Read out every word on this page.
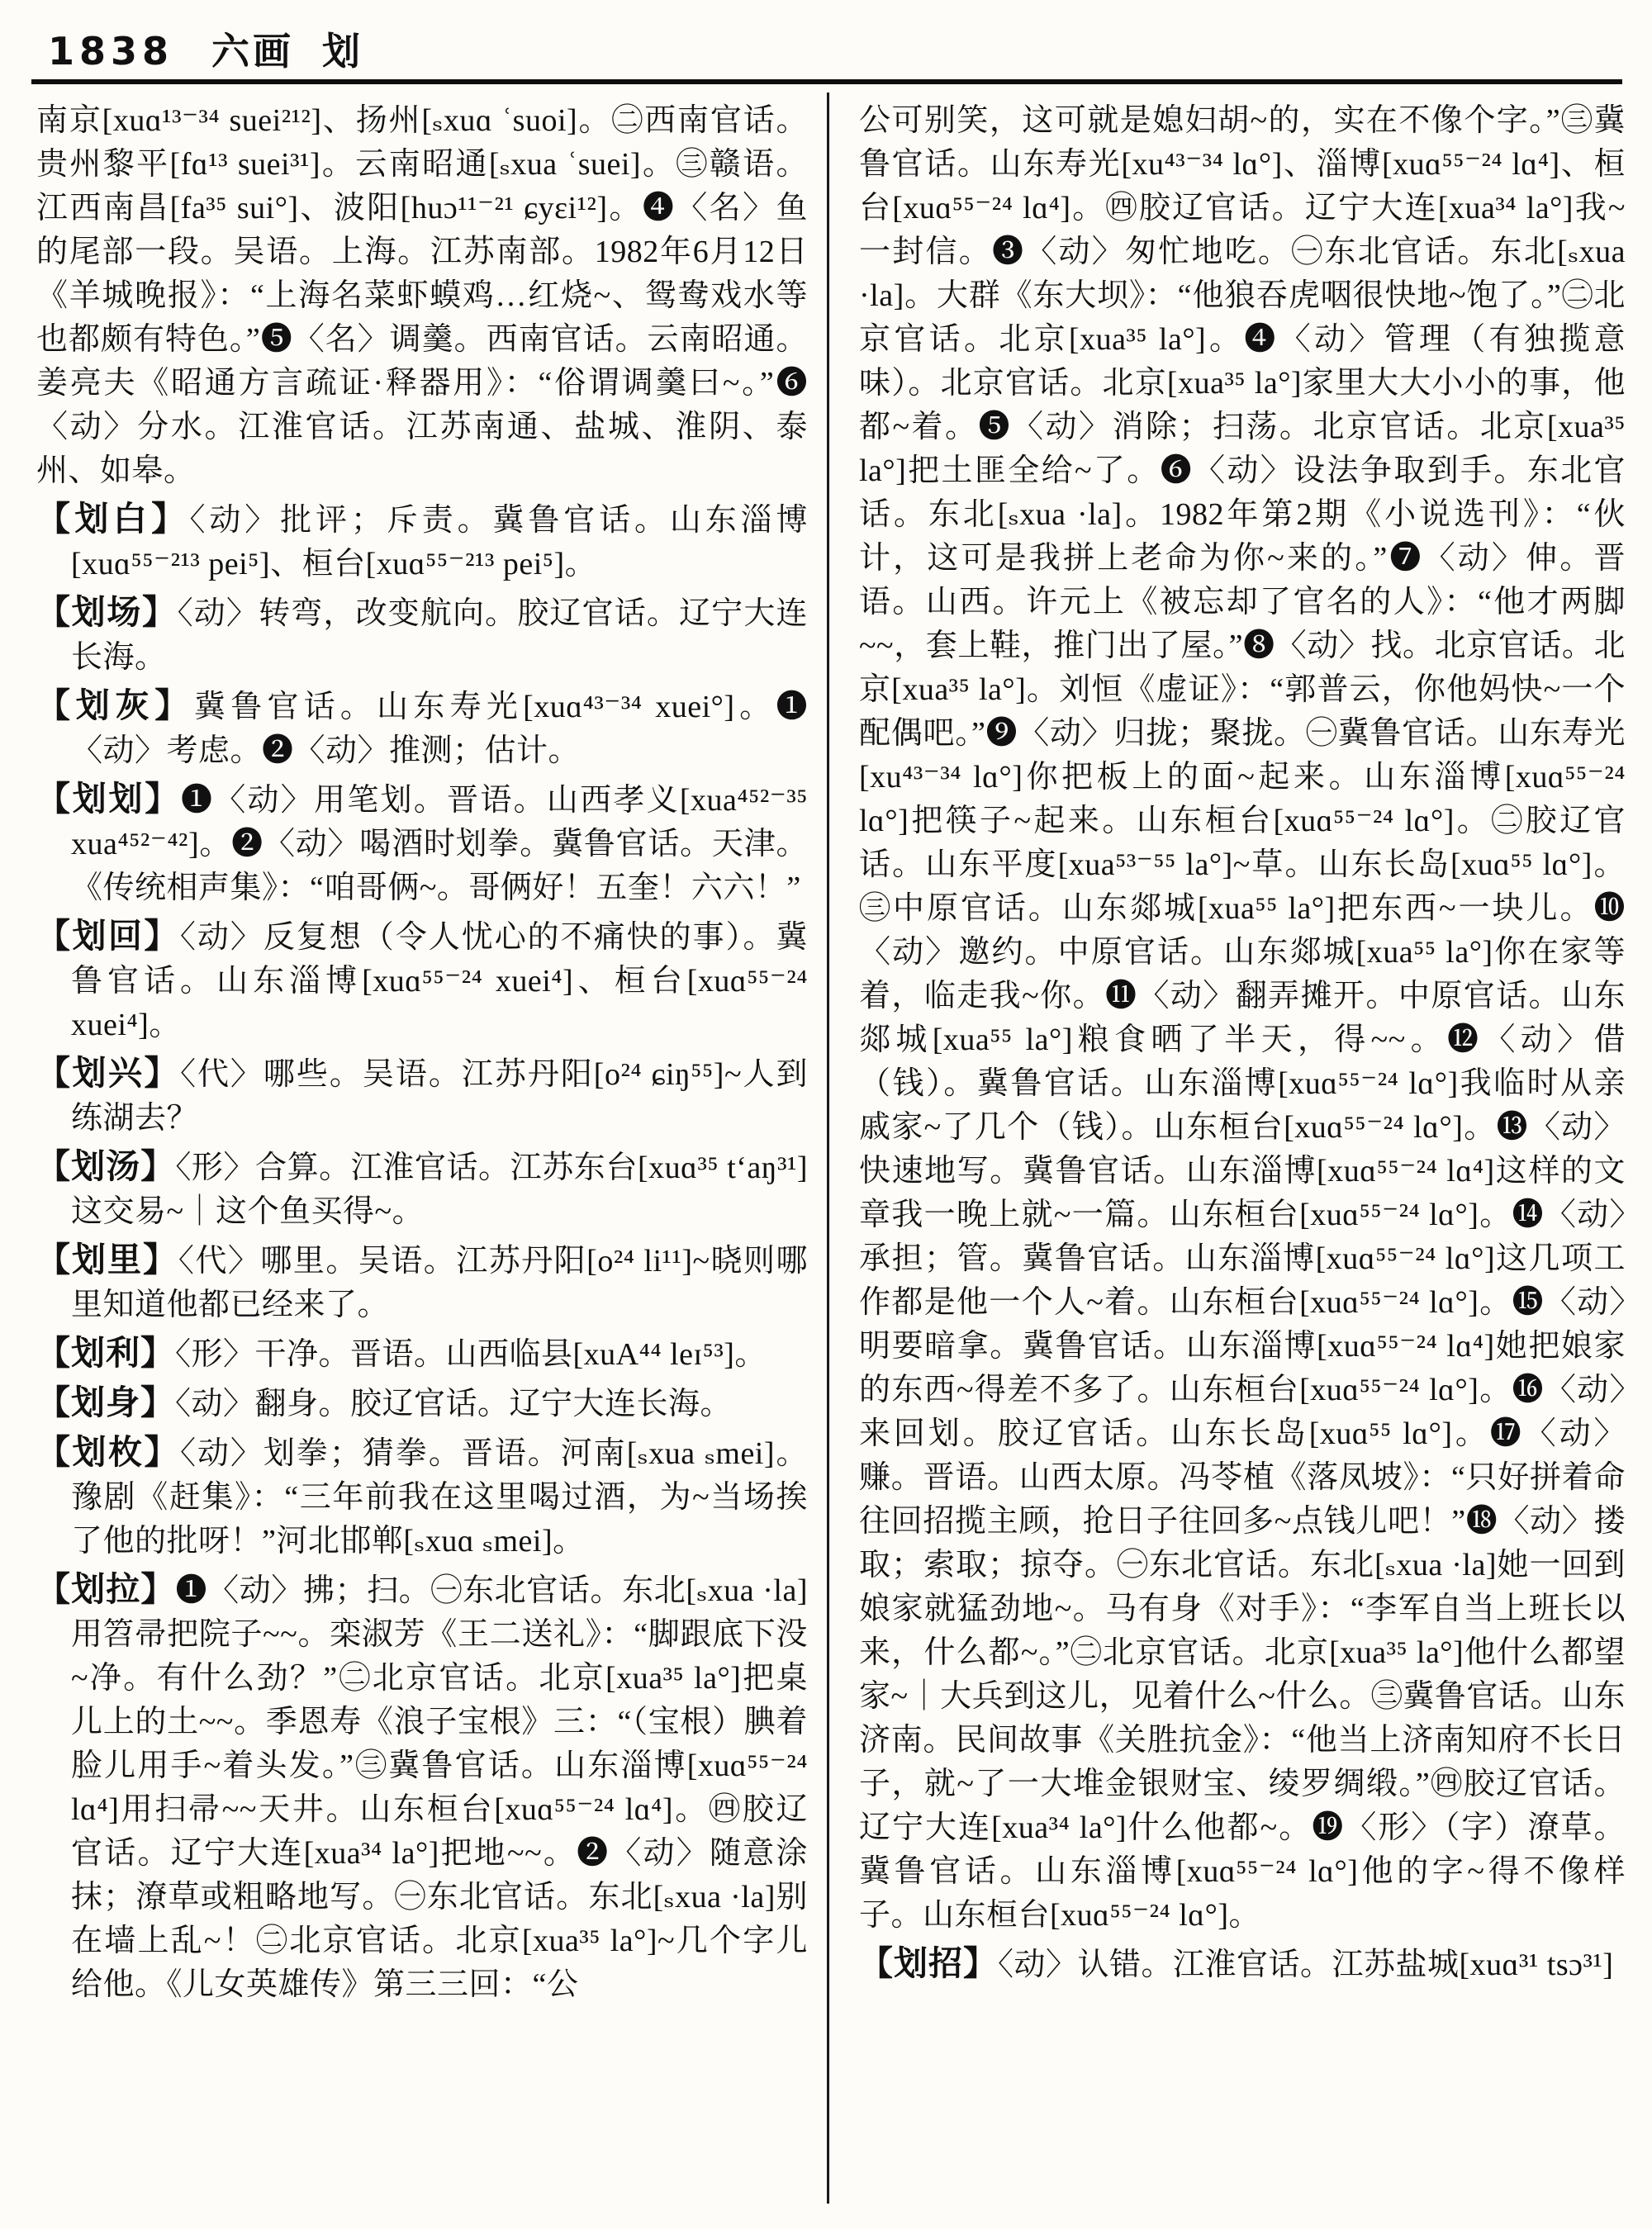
1838 六画 划

南京[xuɑ¹³⁻³⁴ suei²¹²]、扬州[ₛxuɑ ʿsuoi]。㊁西南官话。贵州黎平[fɑ¹³ suei³¹]。云南昭通[ₛxua ʿsuei]。㊂赣语。江西南昌[fa³⁵ sui°]、波阳[huɔ¹¹⁻²¹ ɕyɛi¹²]。❹〈名〉鱼的尾部一段。吴语。上海。江苏南部。1982年6月12日《羊城晚报》：“上海名菜虾蟆鸡…红烧~、鸳鸯戏水等也都颇有特色。”❺〈名〉调羹。西南官话。云南昭通。姜亮夫《昭通方言疏证·释器用》：“俗谓调羹曰~。”❻〈动〉分水。江淮官话。江苏南通、盐城、淮阴、泰州、如皋。

【划白】〈动〉批评；斥责。冀鲁官话。山东淄博[xuɑ⁵⁵⁻²¹³ pei⁵]、桓台[xuɑ⁵⁵⁻²¹³ pei⁵]。

【划场】〈动〉转弯，改变航向。胶辽官话。辽宁大连长海。

【划灰】冀鲁官话。山东寿光[xuɑ⁴³⁻³⁴ xuei°]。❶〈动〉考虑。❷〈动〉推测；估计。

【划划】❶〈动〉用笔划。晋语。山西孝义[xua⁴⁵²⁻³⁵ xua⁴⁵²⁻⁴²]。❷〈动〉喝酒时划拳。冀鲁官话。天津。《传统相声集》：“咱哥俩~。哥俩好！五奎！六六！”

【划回】〈动〉反复想（令人忧心的不痛快的事）。冀鲁官话。山东淄博[xuɑ⁵⁵⁻²⁴ xuei⁴]、桓台[xuɑ⁵⁵⁻²⁴ xuei⁴]。

【划兴】〈代〉哪些。吴语。江苏丹阳[o²⁴ ɕiŋ⁵⁵]~人到练湖去？

【划汤】〈形〉合算。江淮官话。江苏东台[xuɑ³⁵ tʻaŋ³¹]这交易~｜这个鱼买得~。

【划里】〈代〉哪里。吴语。江苏丹阳[o²⁴ li¹¹]~晓则哪里知道他都已经来了。

【划利】〈形〉干净。晋语。山西临县[xuA⁴⁴ leɪ⁵³]。

【划身】〈动〉翻身。胶辽官话。辽宁大连长海。

【划枚】〈动〉划拳；猜拳。晋语。河南[ₛxua ₛmei]。豫剧《赶集》：“三年前我在这里喝过酒，为~当场挨了他的批呀！”河北邯郸[ₛxuɑ ₛmei]。

【划拉】❶〈动〉拂；扫。㊀东北官话。东北[ₛxua ·la]用笤帚把院子~~。栾淑芳《王二送礼》：“脚跟底下没~净。有什么劲？”㊁北京官话。北京[xua³⁵ la°]把桌儿上的土~~。季恩寿《浪子宝根》三：“（宝根）腆着脸儿用手~着头发。”㊂冀鲁官话。山东淄博[xuɑ⁵⁵⁻²⁴ lɑ⁴]用扫帚~~天井。山东桓台[xuɑ⁵⁵⁻²⁴ lɑ⁴]。㊃胶辽官话。辽宁大连[xua³⁴ la°]把地~~。❷〈动〉随意涂抹；潦草或粗略地写。㊀东北官话。东北[ₛxua ·la]别在墙上乱~！㊁北京官话。北京[xua³⁵ la°]~几个字儿给他。《儿女英雄传》第三三回：“公

公可别笑，这可就是媳妇胡~的，实在不像个字。”㊂冀鲁官话。山东寿光[xu⁴³⁻³⁴ lɑ°]、淄博[xuɑ⁵⁵⁻²⁴ lɑ⁴]、桓台[xuɑ⁵⁵⁻²⁴ lɑ⁴]。㊃胶辽官话。辽宁大连[xua³⁴ la°]我~一封信。❸〈动〉匆忙地吃。㊀东北官话。东北[ₛxua ·la]。大群《东大坝》：“他狼吞虎咽很快地~饱了。”㊁北京官话。北京[xua³⁵ la°]。❹〈动〉管理（有独揽意味）。北京官话。北京[xua³⁵ la°]家里大大小小的事，他都~着。❺〈动〉消除；扫荡。北京官话。北京[xua³⁵ la°]把土匪全给~了。❻〈动〉设法争取到手。东北官话。东北[ₛxua ·la]。1982年第2期《小说选刊》：“伙计，这可是我拼上老命为你~来的。”❼〈动〉伸。晋语。山西。许元上《被忘却了官名的人》：“他才两脚~~，套上鞋，推门出了屋。”❽〈动〉找。北京官话。北京[xua³⁵ la°]。刘恒《虚证》：“郭普云，你他妈快~一个配偶吧。”❾〈动〉归拢；聚拢。㊀冀鲁官话。山东寿光[xu⁴³⁻³⁴ lɑ°]你把板上的面~起来。山东淄博[xuɑ⁵⁵⁻²⁴ lɑ°]把筷子~起来。山东桓台[xuɑ⁵⁵⁻²⁴ lɑ°]。㊁胶辽官话。山东平度[xua⁵³⁻⁵⁵ la°]~草。山东长岛[xuɑ⁵⁵ lɑ°]。㊂中原官话。山东郯城[xua⁵⁵ la°]把东西~一块儿。❿〈动〉邀约。中原官话。山东郯城[xua⁵⁵ la°]你在家等着，临走我~你。⓫〈动〉翻弄摊开。中原官话。山东郯城[xua⁵⁵ la°]粮食晒了半天，得~~。⓬〈动〉借（钱）。冀鲁官话。山东淄博[xuɑ⁵⁵⁻²⁴ lɑ°]我临时从亲戚家~了几个（钱）。山东桓台[xuɑ⁵⁵⁻²⁴ lɑ°]。⓭〈动〉快速地写。冀鲁官话。山东淄博[xuɑ⁵⁵⁻²⁴ lɑ⁴]这样的文章我一晚上就~一篇。山东桓台[xuɑ⁵⁵⁻²⁴ lɑ°]。⓮〈动〉承担；管。冀鲁官话。山东淄博[xuɑ⁵⁵⁻²⁴ lɑ°]这几项工作都是他一个人~着。山东桓台[xuɑ⁵⁵⁻²⁴ lɑ°]。⓯〈动〉明要暗拿。冀鲁官话。山东淄博[xuɑ⁵⁵⁻²⁴ lɑ⁴]她把娘家的东西~得差不多了。山东桓台[xuɑ⁵⁵⁻²⁴ lɑ°]。⓰〈动〉来回划。胶辽官话。山东长岛[xuɑ⁵⁵ lɑ°]。⓱〈动〉赚。晋语。山西太原。冯苓植《落凤坡》：“只好拼着命往回招揽主顾，抢日子往回多~点钱儿吧！”⓲〈动〉搂取；索取；掠夺。㊀东北官话。东北[ₛxua ·la]她一回到娘家就猛劲地~。马有身《对手》：“李军自当上班长以来，什么都~。”㊁北京官话。北京[xua³⁵ la°]他什么都望家~｜大兵到这儿，见着什么~什么。㊂冀鲁官话。山东济南。民间故事《关胜抗金》：“他当上济南知府不长日子，就~了一大堆金银财宝、绫罗绸缎。”㊃胶辽官话。辽宁大连[xua³⁴ la°]什么他都~。⓳〈形〉（字）潦草。冀鲁官话。山东淄博[xuɑ⁵⁵⁻²⁴ lɑ°]他的字~得不像样子。山东桓台[xuɑ⁵⁵⁻²⁴ lɑ°]。

【划招】〈动〉认错。江淮官话。江苏盐城[xuɑ³¹ tsɔ³¹]
